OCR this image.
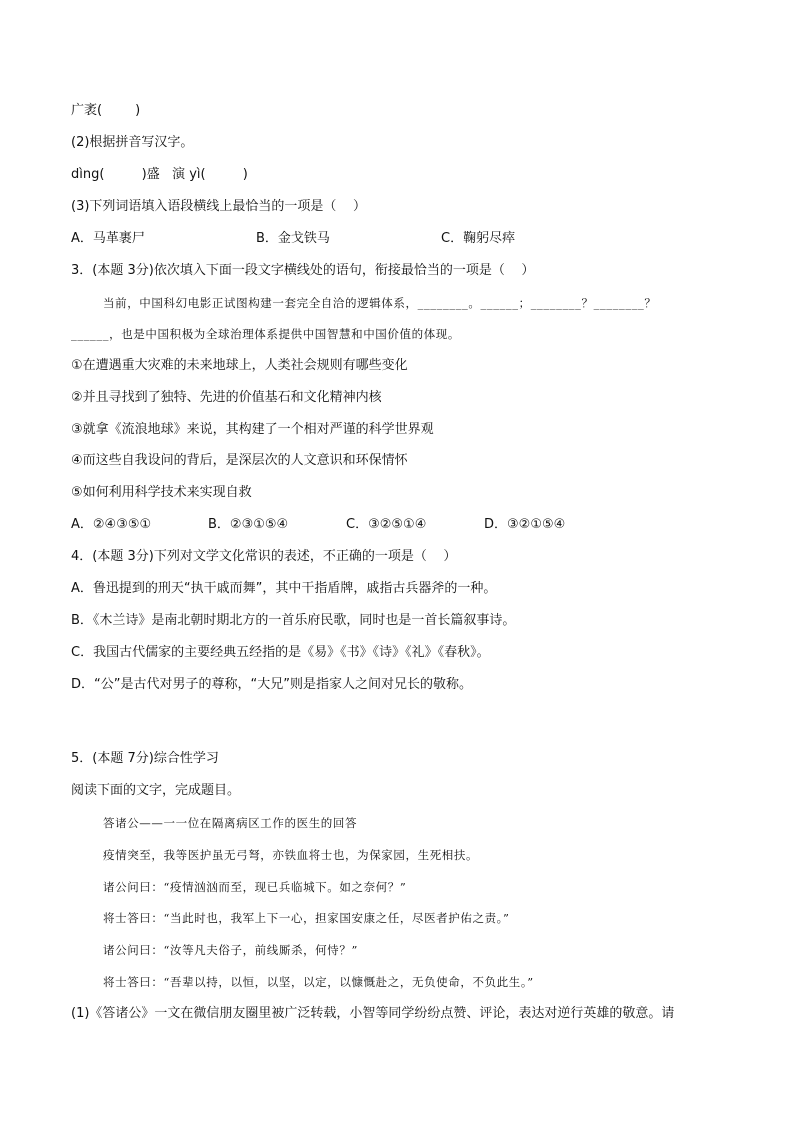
广袤(        )
(2)根据拼音写汉字。
dìng(         )盛   演 yì(         )
(3)下列词语填入语段横线上最恰当的一项是（    ）
A．马革裹尸	B．金戈铁马	C．鞠躬尽瘁
3．(本题 3分)依次填入下面一段文字横线处的语句，衔接最恰当的一项是（    ）
当前，中国科幻电影正试图构建一套完全自洽的逻辑体系，________。______；________？________？
______，也是中国积极为全球治理体系提供中国智慧和中国价值的体现。
①在遭遇重大灾难的未来地球上，人类社会规则有哪些变化
②并且寻找到了独特、先进的价值基石和文化精神内核
③就拿《流浪地球》来说，其构建了一个相对严谨的科学世界观
④而这些自我设问的背后，是深层次的人文意识和环保情怀
⑤如何利用科学技术来实现自救
A．②④③⑤①	B．②③①⑤④	C．③②⑤①④	D．③②①⑤④
4．(本题 3分)下列对文学文化常识的表述，不正确的一项是（    ）
A．鲁迅提到的刑天“执干戚而舞”，其中干指盾牌，戚指古兵器斧的一种。
B．《木兰诗》是南北朝时期北方的一首乐府民歌，同时也是一首长篇叙事诗。
C．我国古代儒家的主要经典五经指的是《易》《书》《诗》《礼》《春秋》。
D．“公”是古代对男子的尊称，“大兄”则是指家人之间对兄长的敬称。
5．(本题 7分)综合性学习
阅读下面的文字，完成题目。
答诸公——一一位在隔离病区工作的医生的回答
疫情突至，我等医护虽无弓弩，亦铁血将士也，为保家园，生死相扶。
诸公问曰：“疫情汹汹而至，现已兵临城下。如之奈何？”
将士答曰：“当此时也，我军上下一心，担家国安康之任，尽医者护佑之责。”
诸公问曰：“汝等凡夫俗子，前线厮杀，何恃？”
将士答曰：“吾辈以持，以恒，以坚，以定，以慷慨赴之，无负使命，不负此生。”
(1)《答诸公》一文在微信朋友圈里被广泛转载，小智等同学纷纷点赞、评论，表达对逆行英雄的敬意。请
